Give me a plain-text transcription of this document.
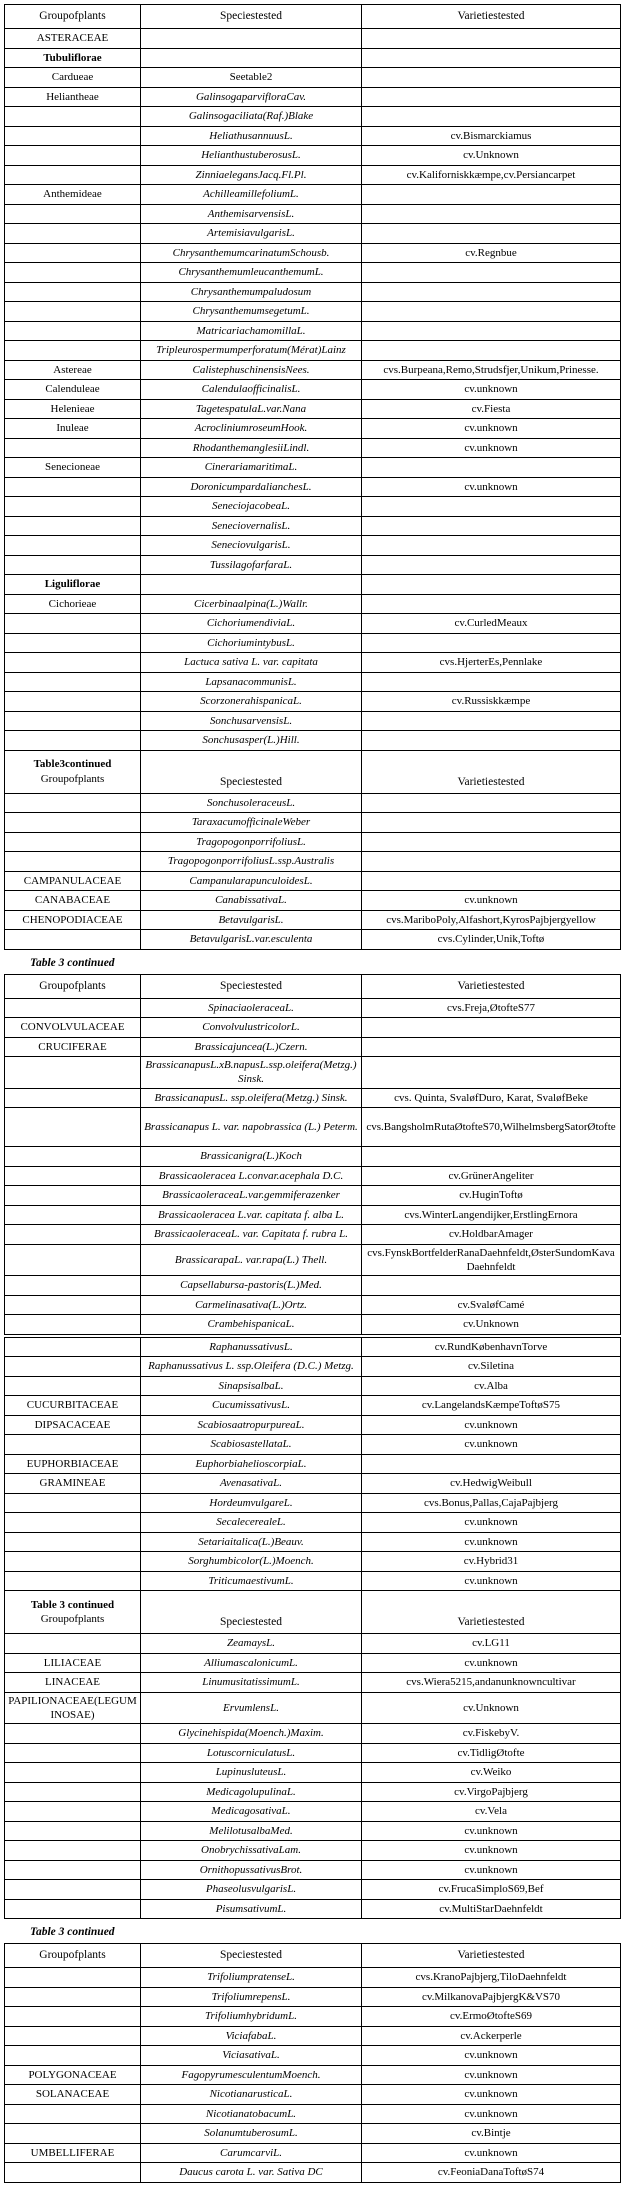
Groupofplants	Speciestested	Varietiestested
ASTERACEAE		
Tubuliflorae		
Cardueae	Seetable2	
Heliantheae	GalinsogaparvifloraCav.	
	Galinsogaciliata(Raf.)Blake	
	HeliathusannuusL.	cv.Bismarckiamus
	HelianthustuberosusL.	cv.Unknown
	ZinniaelegansJacq.Fl.Pl.	cv.Kaliforniskkæmpe,cv.Persiancarpet
Anthemideae	AchilleamillefoliumL.	
	AnthemisarvensisL.	
	ArtemisiavulgarisL.	
	ChrysanthemumcarinatumSchousb.	cv.Regnbue
	ChrysanthemumleucanthemumL.	
	Chrysanthemumpaludosum	
	ChrysanthemumsegetumL.	
	MatricariachamomillaL.	
	Tripleurospermumperforatum(Mérat)Lainz	
Astereae	CalistephuschinensisNees.	cvs.Burpeana,Remo,Strudsfjer,Unikum,Prinesse.
Calenduleae	CalendulaofficinalisL.	cv.unknown
Helenieae	TagetespatulaL.var.Nana	cv.Fiesta
Inuleae	AcrocliniumroseumHook.	cv.unknown
	RhodanthemanglesiiLindl.	cv.unknown
Senecioneae	CinerariamaritimaL.	
	DoronicumpardalianchesL.	cv.unknown
	SeneciojacobeaL.	
	SeneciovernalisL.	
	SeneciovulgarisL.	
	TussilagofarfaraL.	
Liguliflorae		
Cichorieae	Cicerbinaalpina(L.)Wallr.	
	CichoriumendiviaL.	cv.CurledMeaux
	CichoriumintybusL.	
	Lactuca sativa L. var. capitata	cvs.HjerterEs,Pennlake
	LapsanacommunisL.	
	ScorzonerahispanicaL.	cv.Russiskkæmpe
	SonchusarvensisL.	
	Sonchusasper(L.)Hill.	

Table3continued
Groupofplants	Speciestested	Varietiestested
	SonchusoleraceusL.	
	TaraxacumofficinaleWeber	
	TragopogonporrifoliusL.	
	TragopogonporrifoliusL.ssp.Australis	
CAMPANULACEAE	CampanularapunculoidesL.	
CANABACEAE	CanabissativaL.	cv.unknown
CHENOPODIACEAE	BetavulgarisL.	cvs.MariboPoly,Alfashort,KyrosPajbjergyellow
	BetavulgarisL.var.esculenta	cvs.Cylinder,Unik,Toftø
Table 3 continued
Groupofplants	Speciestested	Varietiestested
	SpinaciaoleraceaL.	cvs.Freja,ØtofteS77
CONVOLVULACEAE	ConvolvulustricolorL.	
CRUCIFERAE	Brassicajuncea(L.)Czern.	
	BrassicanapusL.xB.napusL.ssp.oleifera(Metzg.) Sinsk.	
	BrassicanapusL. ssp.oleifera(Metzg.) Sinsk.	cvs. Quinta, SvaløfDuro, Karat, SvaløfBeke
	Brassicanapus L. var. napobrassica (L.) Peterm.	cvs.BangsholmRutaØtofteS70,WilhelmsbergSatorØtofte
	Brassicanigra(L.)Koch	
	Brassicaoleracea L.convar.acephala D.C.	cv.GrünerAngeliter
	BrassicaoleraceaL.var.gemmiferazenker	cv.HuginToftø
	Brassicaoleracea L.var. capitata f. alba L.	cvs.WinterLangendijker,ErstlingErnora
	BrassicaoleraceaL. var. Capitata f. rubra L.	cv.HoldbarAmager
	BrassicarapaL. var.rapa(L.) Thell.	cvs.FynskBortfelderRanaDaehnfeldt,ØsterSundomKava Daehnfeldt
	Capsellabursa-pastoris(L.)Med.	
	Carmelinasativa(L.)Ortz.	cv.SvaløfCamé
	CrambehispanicaL.	cv.Unknown
	RaphanussativusL.	cv.RundKøbenhavnTorve
	Raphanussativus L. ssp.Oleifera (D.C.) Metzg.	cv.Siletina
	SinapsisalbaL.	cv.Alba
CUCURBITACEAE	CucumissativusL.	cv.LangelandsKæmpeToftøS75
DIPSACACEAE	ScabiosaatropurpureaL.	cv.unknown
	ScabiosastellataL.	cv.unknown
EUPHORBIACEAE	EuphorbiahelioscorpiaL.	
GRAMINEAE	AvenasativaL.	cv.HedwigWeibull
	HordeumvulgareL.	cvs.Bonus,Pallas,CajaPajbjerg
	SecalecerealeL.	cv.unknown
	Setariaitalica(L.)Beauv.	cv.unknown
	Sorghumbicolor(L.)Moench.	cv.Hybrid31
	TriticumaestivumL.	cv.unknown

Table 3 continued
Groupofplants	Speciestested	Varietiestested
	ZeamaysL.	cv.LG11
LILIACEAE	AlliumascalonicumL.	cv.unknown
LINACEAE	LinumusitatissimumL.	cvs.Wiera5215,andanunknowncultivar
PAPILIONACEAE(LEGUMINOSAE)	ErvumlensL.	cv.Unknown
	Glycinehispida(Moench.)Maxim.	cv.FiskebyV.
	LotuscorniculatusL.	cv.TidligØtofte
	LupinusluteusL.	cv.Weiko
	MedicagolupulinaL.	cv.VirgoPajbjerg
	MedicagosativaL.	cv.Vela
	MelilotusalbaMed.	cv.unknown
	OnobrychissativaLam.	cv.unknown
	OrnithopussativusBrot.	cv.unknown
	PhaseolusvulgarisL.	cv.FrucaSimploS69,Bef
	PisumsativumL.	cv.MultiStarDaehnfeldt
Table 3 continued
Groupofplants	Speciestested	Varietiestested
	TrifoliumpratenseL.	cvs.KranoPajbjerg,TiloDaehnfeldt
	TrifoliumrepensL.	cv.MilkanovaPajbjergK&VS70
	TrifoliumhybridumL.	cv.ErmoØtofteS69
	ViciafabaL.	cv.Ackerperle
	ViciasativaL.	cv.unknown
POLYGONACEAE	FagopyrumesculentumMoench.	cv.unknown
SOLANACEAE	NicotianarusticaL.	cv.unknown
	NicotianatobacumL.	cv.unknown
	SolanumtuberosumL.	cv.Bintje
UMBELLIFERAE	CarumcarviL.	cv.unknown
	Daucus carota L. var. Sativa DC	cv.FeoniaDanaToftøS74
